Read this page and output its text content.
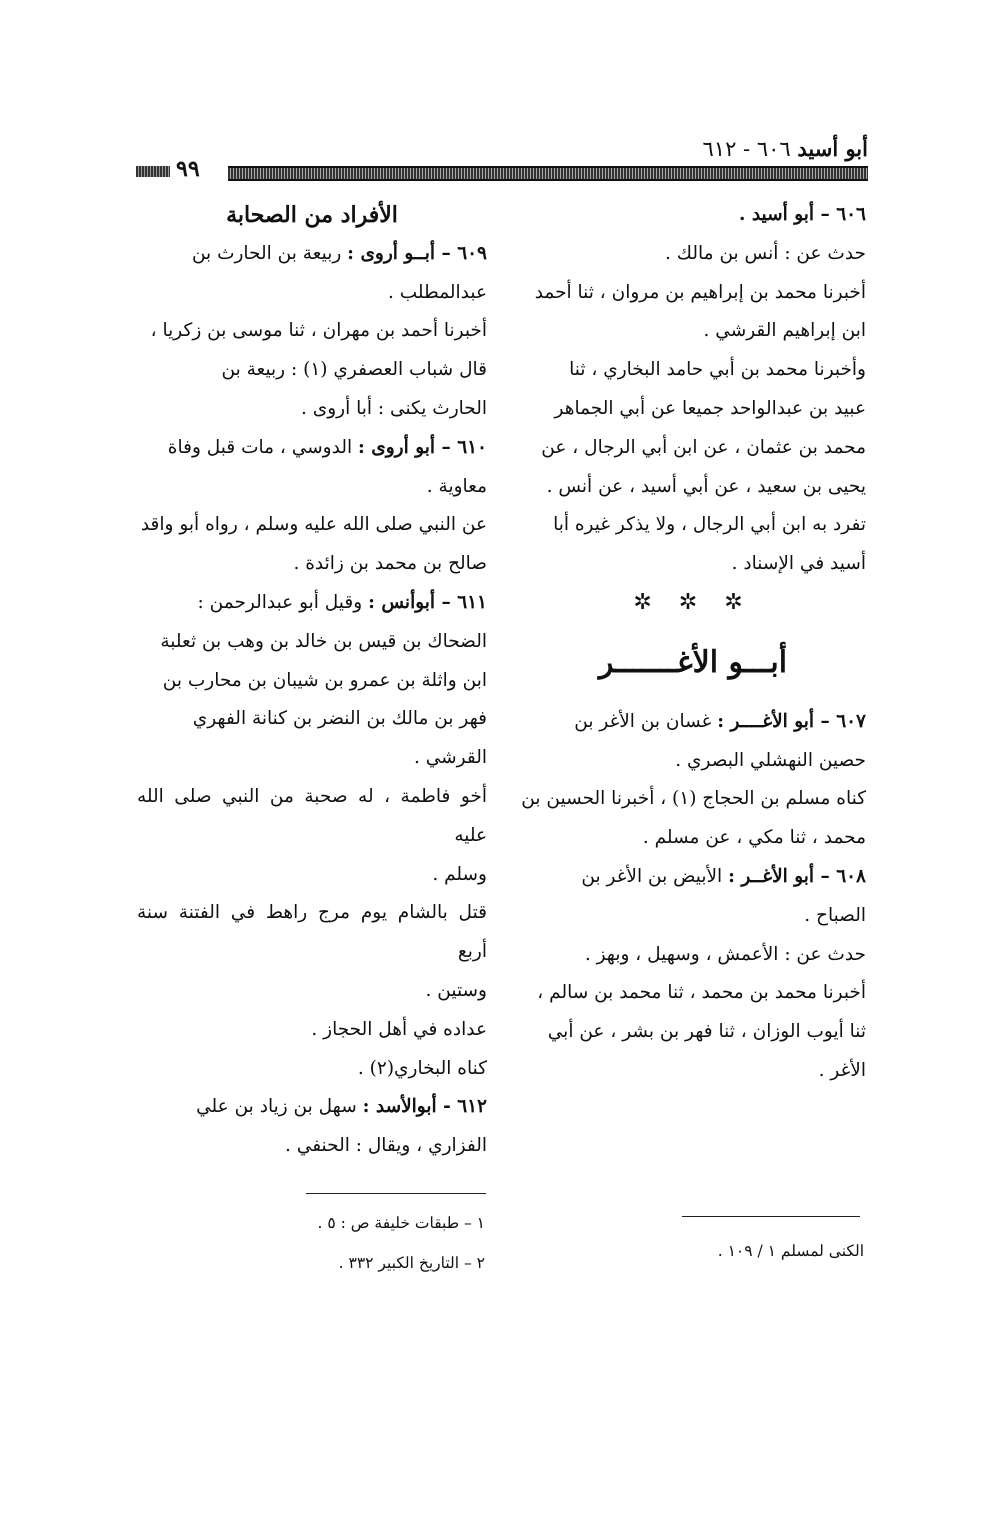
أبو أسيد ٦٠٦ - ٦١٢
٩٩

٦٠٦ – أبو أسيد .

حدث عن : أنس بن مالك .

أخبرنا محمد بن إبراهيم بن مروان ، ثنا أحمد

ابن إبراهيم القرشي .

وأخبرنا محمد بن أبي حامد البخاري ، ثنا

عبيد بن عبدالواحد جميعا عن أبي الجماهر

محمد بن عثمان ، عن ابن أبي الرجال ، عن

يحيى بن سعيد ، عن أبي أسيد ، عن أنس .

تفرد به ابن أبي الرجال ، ولا يذكر غيره أبا

أسيد في الإسناد .

✲ ✲ ✲

أبـــو الأغـــــــر

٦٠٧ – أبو الأغــــر : غسان بن الأغر بن

حصين النهشلي البصري .

كناه مسلم بن الحجاج (١) ، أخبرنا الحسين بن

محمد ، ثنا مكي ، عن مسلم .

٦٠٨ – أبو الأغــر : الأبيض بن الأغر بن

الصباح .

حدث عن : الأعمش ، وسهيل ، وبهز .

أخبرنا محمد بن محمد ، ثنا محمد بن سالم ،

ثنا أيوب الوزان ، ثنا فهر بن بشر ، عن أبي

الأغر .

الكنى لمسلم ١ / ١٠٩ .

الأفراد من الصحابة

٦٠٩ – أبــو أروى : ربيعة بن الحارث بن

عبدالمطلب .

أخبرنا أحمد بن مهران ، ثنا موسى بن زكريا ،

قال شباب العصفري (١) : ربيعة بن

الحارث يكنى : أبا أروى .

٦١٠ – أبو أروى : الدوسي ، مات قبل وفاة

معاوية .

عن النبي صلى الله عليه وسلم ، رواه أبو واقد

صالح بن محمد بن زائدة .

٦١١ – أبوأنس : وقيل أبو عبدالرحمن :

الضحاك بن قيس بن خالد بن وهب بن ثعلبة

ابن واثلة بن عمرو بن شيبان بن محارب بن

فهر بن مالك بن النضر بن كنانة الفهري

القرشي .

أخو فاطمة ، له صحبة من النبي صلى الله عليه

وسلم .

قتل بالشام يوم مرج راهط في الفتنة سنة أربع

وستين .

عداده في أهل الحجاز .

كناه البخاري(٢) .

٦١٢ - أبوالأسد : سهل بن زياد بن علي

الفزاري ، ويقال : الحنفي .

١ – طبقات خليفة ص : ٥ .
٢ – التاريخ الكبير ٣٣٢ .
